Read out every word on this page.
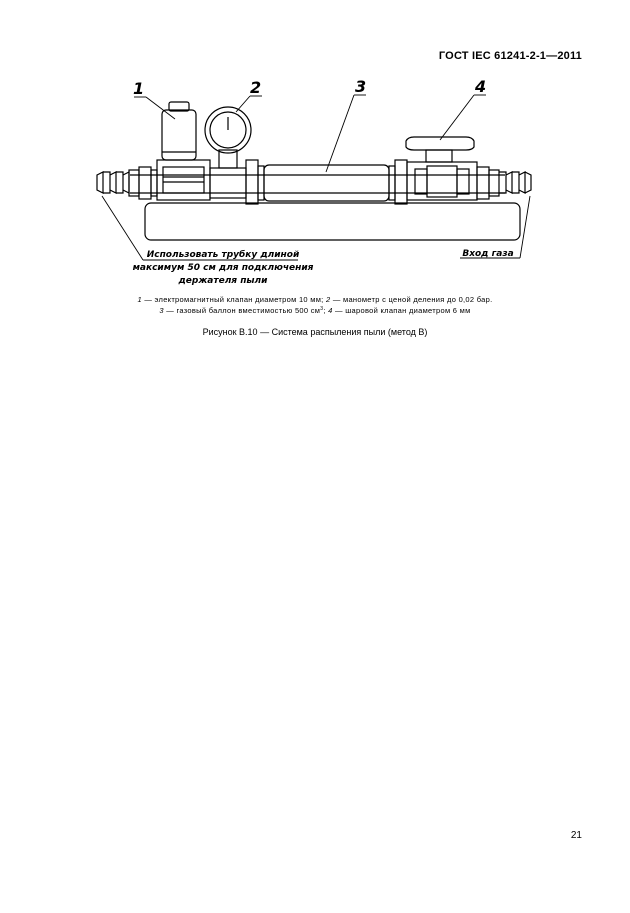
ГОСТ IEC 61241-2-1—2011
1	2	3	4
Использовать трубку длиной
максимум 50 см для подключения
держателя пыли
Вход газа
1 — электромагнитный клапан диаметром 10 мм; 2 — манометр с ценой деления до 0,02 бар.
3 — газовый баллон вместимостью 500 $см^3$; 4 — шаровой клапан диаметром 6 мм
Рисунок B.10 — Система распыления пыли (метод B)
21
